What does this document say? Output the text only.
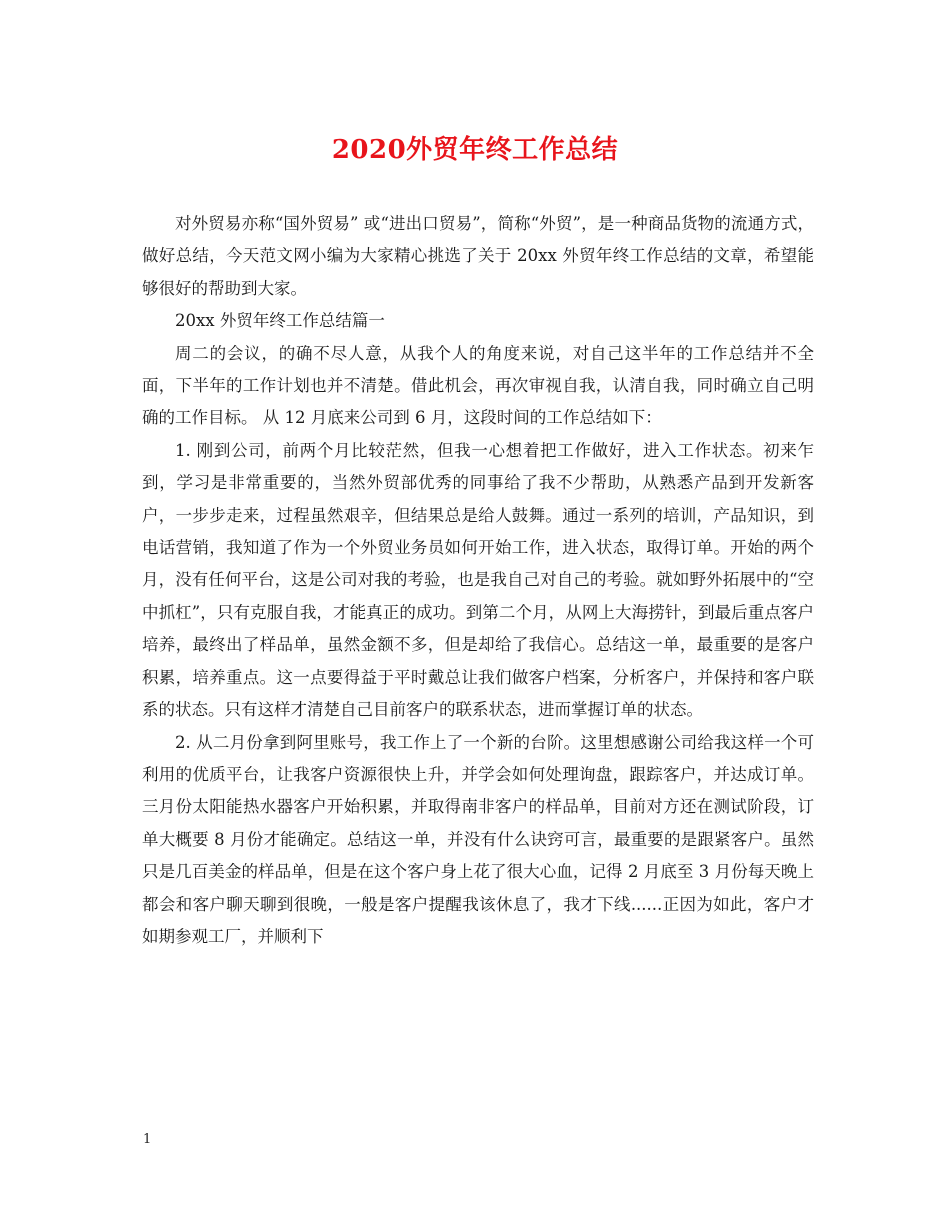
2020外贸年终工作总结

对外贸易亦称“国外贸易” 或“进出口贸易”，简称“外贸”，是一种商品货物的流通方式，做好总结，今天范文网小编为大家精心挑选了关于 20xx 外贸年终工作总结的文章，希望能够很好的帮助到大家。

20xx 外贸年终工作总结篇一

周二的会议，的确不尽人意，从我个人的角度来说，对自己这半年的工作总结并不全面，下半年的工作计划也并不清楚。借此机会，再次审视自我，认清自我，同时确立自己明确的工作目标。 从 12 月底来公司到 6 月，这段时间的工作总结如下：

1. 刚到公司，前两个月比较茫然，但我一心想着把工作做好，进入工作状态。初来乍到，学习是非常重要的，当然外贸部优秀的同事给了我不少帮助，从熟悉产品到开发新客户，一步步走来，过程虽然艰辛，但结果总是给人鼓舞。通过一系列的培训，产品知识，到电话营销，我知道了作为一个外贸业务员如何开始工作，进入状态，取得订单。开始的两个月，没有任何平台，这是公司对我的考验，也是我自己对自己的考验。就如野外拓展中的“空中抓杠”，只有克服自我，才能真正的成功。到第二个月，从网上大海捞针，到最后重点客户培养，最终出了样品单，虽然金额不多，但是却给了我信心。总结这一单，最重要的是客户积累，培养重点。这一点要得益于平时戴总让我们做客户档案，分析客户，并保持和客户联系的状态。只有这样才清楚自己目前客户的联系状态，进而掌握订单的状态。

2. 从二月份拿到阿里账号，我工作上了一个新的台阶。这里想感谢公司给我这样一个可利用的优质平台，让我客户资源很快上升，并学会如何处理询盘，跟踪客户，并达成订单。三月份太阳能热水器客户开始积累，并取得南非客户的样品单，目前对方还在测试阶段，订单大概要 8 月份才能确定。总结这一单，并没有什么诀窍可言，最重要的是跟紧客户。虽然只是几百美金的样品单，但是在这个客户身上花了很大心血，记得 2 月底至 3 月份每天晚上都会和客户聊天聊到很晚，一般是客户提醒我该休息了，我才下线......正因为如此，客户才如期参观工厂，并顺利下

1
